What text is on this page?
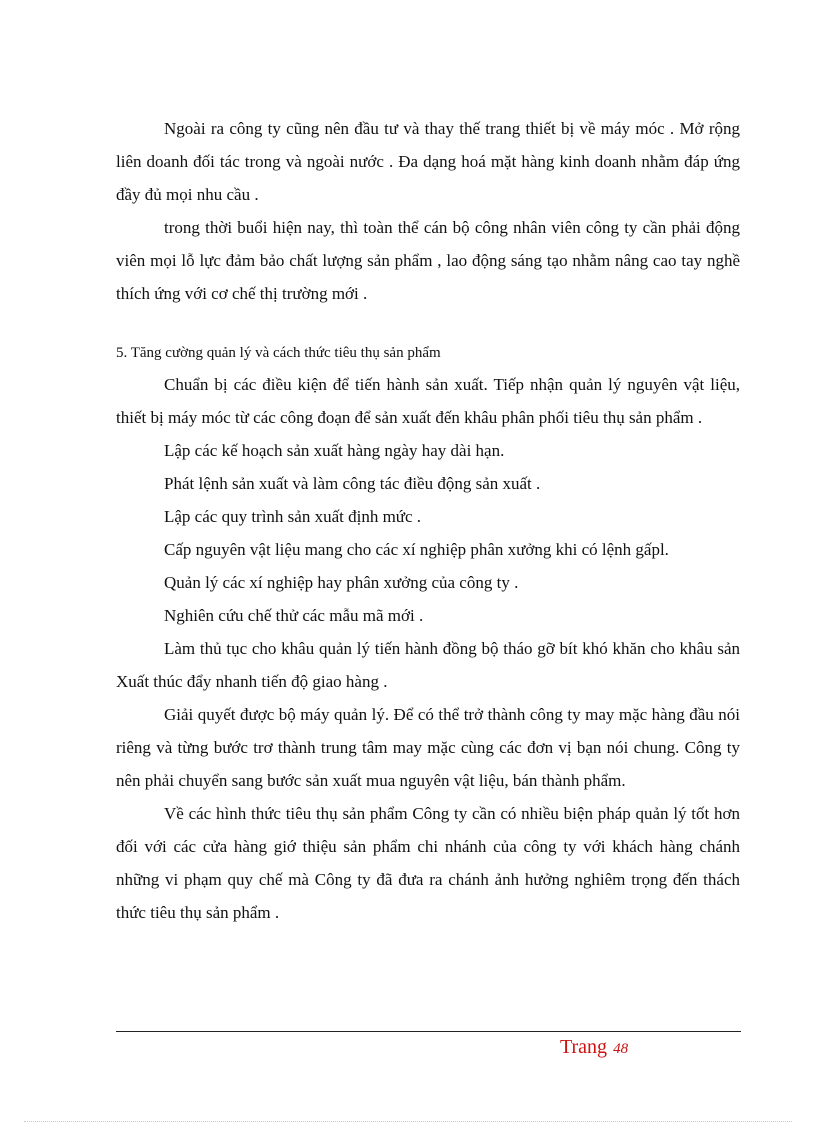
Ngoài ra công ty cũng nên đầu tư và thay thế trang thiết bị về máy móc . Mở rộng liên doanh đối tác trong và ngoài nước . Đa dạng hoá mặt hàng kinh doanh nhằm đáp ứng đầy đủ mọi nhu cầu .

trong thời buổi hiện nay, thì toàn thể cán bộ công nhân viên công ty cần phải động viên mọi lỗ lực đảm bảo chất lượng sản phẩm , lao động sáng tạo nhằm nâng cao tay nghề thích ứng với cơ chế thị trường mới .

5. Tăng cường quản lý và cách thức tiêu thụ sản phẩm

Chuẩn bị các điều kiện để tiến hành sản xuất. Tiếp nhận quản lý nguyên vật liệu, thiết bị máy móc từ các công đoạn để sản xuất đến khâu phân phối tiêu thụ sản phẩm .

Lập các kế hoạch sản xuất hàng ngày hay dài hạn.

Phát lệnh sản xuất và làm công tác điều động sản xuất .

Lập các quy trình sản xuất định mức .

Cấp nguyên vật liệu mang cho các xí nghiệp phân xưởng khi có lệnh gấpl.

Quản lý các xí nghiệp hay phân xưởng của công ty .

Nghiên cứu chế thử các mẫu mã mới .

Làm thủ tục cho khâu quản lý tiến hành đồng bộ tháo gỡ bít khó khăn cho khâu sản Xuất thúc đẩy nhanh tiến độ giao hàng .

Giải quyết được bộ máy quản lý. Để có thể trở thành công ty may mặc hàng đầu nói riêng và từng bước trơ thành trung tâm may mặc cùng các đơn vị bạn nói chung. Công ty nên phải chuyển sang bước sản xuất mua nguyên vật liệu, bán thành phẩm.

Về các hình thức tiêu thụ sản phẩm Công ty cần có nhiều biện pháp quản lý tốt hơn đối với các cửa hàng giớ thiệu sản phẩm chi nhánh của công ty với khách hàng chánh những vi phạm quy chế mà Công ty đã đưa ra chánh ảnh hưởng nghiêm trọng đến thách thức tiêu thụ sản phẩm .

Trang 48
